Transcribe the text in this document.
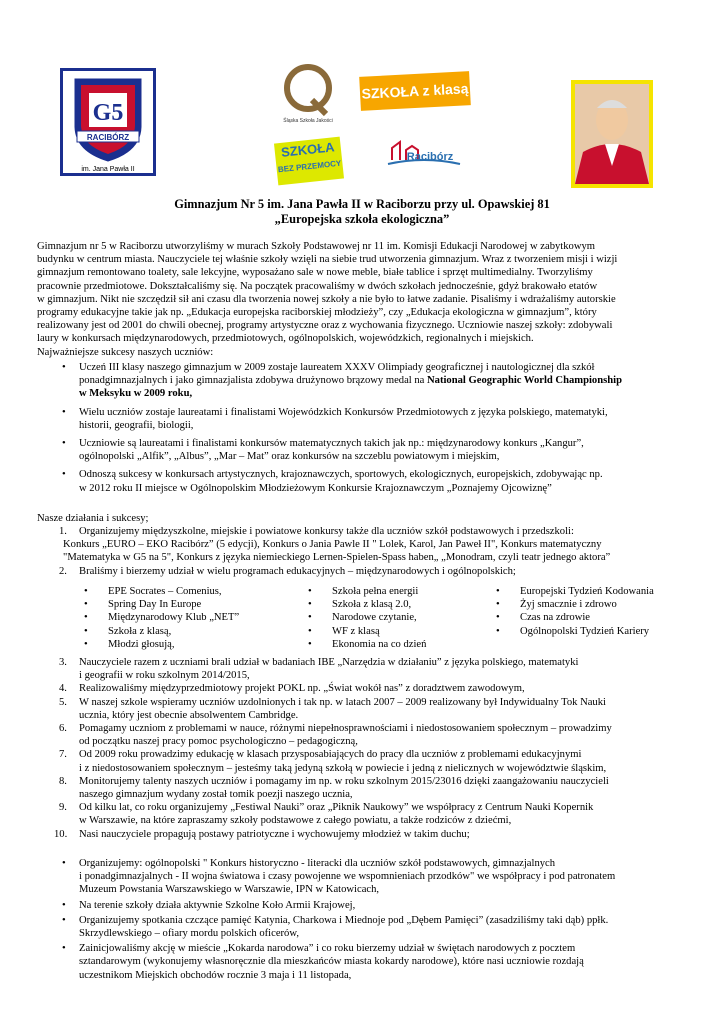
G5
RACIBÓRZ
im. Jana Pawła II
Śląska Szkoła Jakości
SZKOŁA z klasą
SZKOŁA
BEZ PRZEMOCY
Racibórz
Gimnazjum Nr 5 im. Jana Pawła II w Raciborzu przy ul. Opawskiej 81
„Europejska szkoła ekologiczna”

Gimnazjum nr 5 w Raciborzu utworzyliśmy w murach Szkoły Podstawowej nr 11 im. Komisji Edukacji Narodowej w zabytkowym

budynku w centrum miasta. Nauczyciele tej właśnie szkoły wzięli na siebie trud utworzenia gimnazjum. Wraz z tworzeniem misji i wizji

gimnazjum remontowano toalety, sale lekcyjne, wyposażano sale w nowe meble, białe tablice i sprzęt multimedialny. Tworzyliśmy

pracownie przedmiotowe. Dokształcaliśmy się. Na początek pracowaliśmy w dwóch szkołach jednocześnie, gdyż brakowało etatów

w gimnazjum. Nikt nie szczędził sił ani czasu dla tworzenia nowej szkoły a nie było to łatwe zadanie. Pisaliśmy i wdrażaliśmy autorskie

programy edukacyjne takie jak np. „Edukacja europejska raciborskiej młodzieży”, czy „Edukacja ekologiczna w gimnazjum”, który

realizowany jest od 2001 do chwili obecnej, programy artystyczne oraz z wychowania fizycznego. Uczniowie naszej szkoły: zdobywali

laury w konkursach międzynarodowych, przedmiotowych, ogólnopolskich, wojewódzkich, regionalnych i miejskich.

Najważniejsze sukcesy naszych uczniów:

• Uczeń III klasy naszego gimnazjum w 2009 zostaje laureatem XXXV Olimpiady geograficznej i nautologicznej dla szkół
ponadgimnazjalnych i jako gimnazjalista zdobywa drużynowo brązowy medal na National Geographic World Championship
w Meksyku w 2009 roku,
• Wielu uczniów zostaje laureatami i finalistami Wojewódzkich Konkursów Przedmiotowych z języka polskiego, matematyki,
historii, geografii, biologii,
• Uczniowie są laureatami i finalistami konkursów matematycznych takich jak np.: międzynarodowy konkurs „Kangur”,
ogólnopolski „Alfik”, „Albus”, „Mar – Mat” oraz konkursów na szczeblu powiatowym i miejskim,
• Odnoszą sukcesy w konkursach artystycznych, krajoznawczych, sportowych, ekologicznych, europejskich, zdobywając np.
w 2012 roku II miejsce w Ogólnopolskim Młodzieżowym Konkursie Krajoznawczym „Poznajemy Ojcowiznę”
Nasze działania i sukcesy;
1. Organizujemy międzyszkolne, miejskie i powiatowe konkursy także dla uczniów szkół podstawowych i przedszkoli:
Konkurs „EURO – EKO Racibórz” (5 edycji), Konkurs o Jania Pawle II " Lolek, Karol, Jan Paweł II", Konkurs matematyczny
"Matematyka w G5 na 5", Konkurs z języka niemieckiego Lernen-Spielen-Spass haben„ „Monodram, czyli teatr jednego aktora”
2. Braliśmy i bierzemy udział w wielu programach edukacyjnych – międzynarodowych i ogólnopolskich;
• EPE Socrates – Comenius,
• Spring Day In Europe
• Międzynarodowy Klub „NET”
• Szkoła z klasą,
• Młodzi głosują,
• Szkoła pełna energii
• Szkoła z klasą 2.0,
• Narodowe czytanie,
• WF z klasą
• Ekonomia na co dzień
• Europejski Tydzień Kodowania
• Żyj smacznie i zdrowo
• Czas na zdrowie
• Ogólnopolski Tydzień Kariery
3. Nauczyciele razem z uczniami brali udział w badaniach IBE „Narzędzia w działaniu” z języka polskiego, matematyki
i geografii w roku szkolnym 2014/2015,
4. Realizowaliśmy międzyprzedmiotowy projekt POKL np. „Świat wokół nas” z doradztwem zawodowym,
5. W naszej szkole wspieramy uczniów uzdolnionych i tak np. w latach 2007 – 2009 realizowany był Indywidualny Tok Nauki
ucznia, który jest obecnie absolwentem Cambridge.
6. Pomagamy uczniom z problemami w nauce, różnymi niepełnosprawnościami i niedostosowaniem społecznym – prowadzimy
od początku naszej pracy pomoc psychologiczno – pedagogiczną,
7. Od 2009 roku prowadzimy edukację w klasach przysposabiających do pracy dla uczniów z problemami edukacyjnymi
i z niedostosowaniem społecznym – jesteśmy taką jedyną szkołą w powiecie i jedną z nielicznych w województwie śląskim,
8. Monitorujemy talenty naszych uczniów i pomagamy im np. w roku szkolnym 2015/23016 dzięki zaangażowaniu nauczycieli
naszego gimnazjum wydany został tomik poezji naszego ucznia,
9. Od kilku lat, co roku organizujemy „Festiwal Nauki” oraz „Piknik Naukowy” we współpracy z Centrum Nauki Kopernik
w Warszawie, na które zapraszamy szkoły podstawowe z całego powiatu, a także rodziców z dziećmi,
10. Nasi nauczyciele propagują postawy patriotyczne i wychowujemy młodzież w takim duchu;
• Organizujemy: ogólnopolski " Konkurs historyczno - literacki dla uczniów szkół podstawowych, gimnazjalnych
i ponadgimnazjalnych - II wojna światowa i czasy powojenne we wspomnieniach przodków" we współpracy i pod patronatem
Muzeum Powstania Warszawskiego w Warszawie, IPN w Katowicach,
• Na terenie szkoły działa aktywnie Szkolne Koło Armii Krajowej,
• Organizujemy spotkania czczące pamięć Katynia, Charkowa i Miednoje pod „Dębem Pamięci” (zasadziliśmy taki dąb) ppłk.
Skrzydlewskiego – ofiary mordu polskich oficerów,
• Zainicjowaliśmy akcję w mieście „Kokarda narodowa” i co roku bierzemy udział w świętach narodowych z pocztem
sztandarowym (wykonujemy własnoręcznie dla mieszkańców miasta kokardy narodowe), które nasi uczniowie rozdają
uczestnikom Miejskich obchodów rocznie 3 maja i 11 listopada,
